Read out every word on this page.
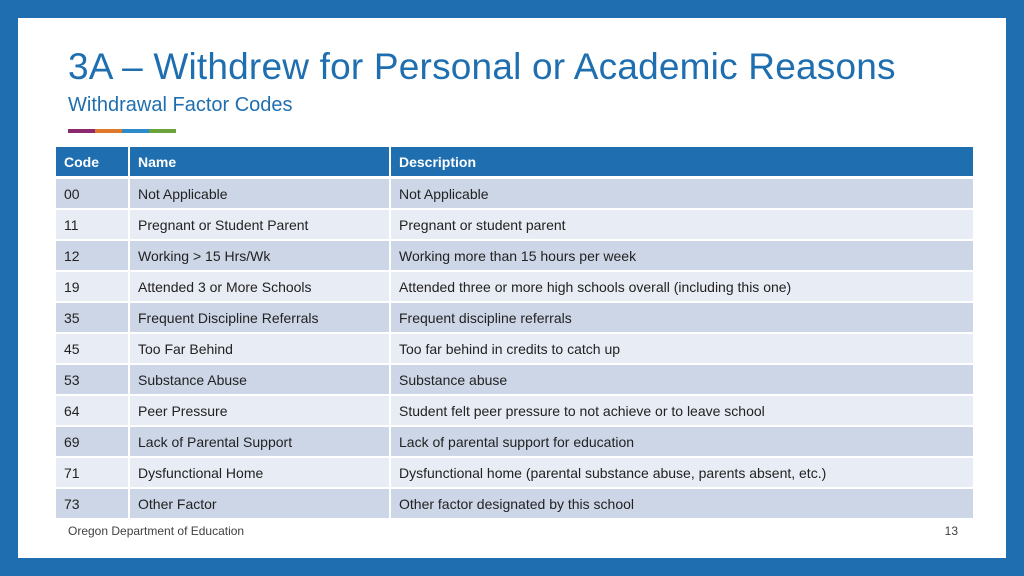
3A – Withdrew for Personal or Academic Reasons
Withdrawal Factor Codes
Code	Name	Description
00	Not Applicable	Not Applicable
11	Pregnant or Student Parent	Pregnant or student parent
12	Working > 15 Hrs/Wk	Working more than 15 hours per week
19	Attended 3 or More Schools	Attended three or more high schools overall (including this one)
35	Frequent Discipline Referrals	Frequent discipline referrals
45	Too Far Behind	Too far behind in credits to catch up
53	Substance Abuse	Substance abuse
64	Peer Pressure	Student felt peer pressure to not achieve or to leave school
69	Lack of Parental Support	Lack of parental support for education
71	Dysfunctional Home	Dysfunctional home (parental substance abuse, parents absent, etc.)
73	Other Factor	Other factor designated by this school

Oregon Department of Education	13
